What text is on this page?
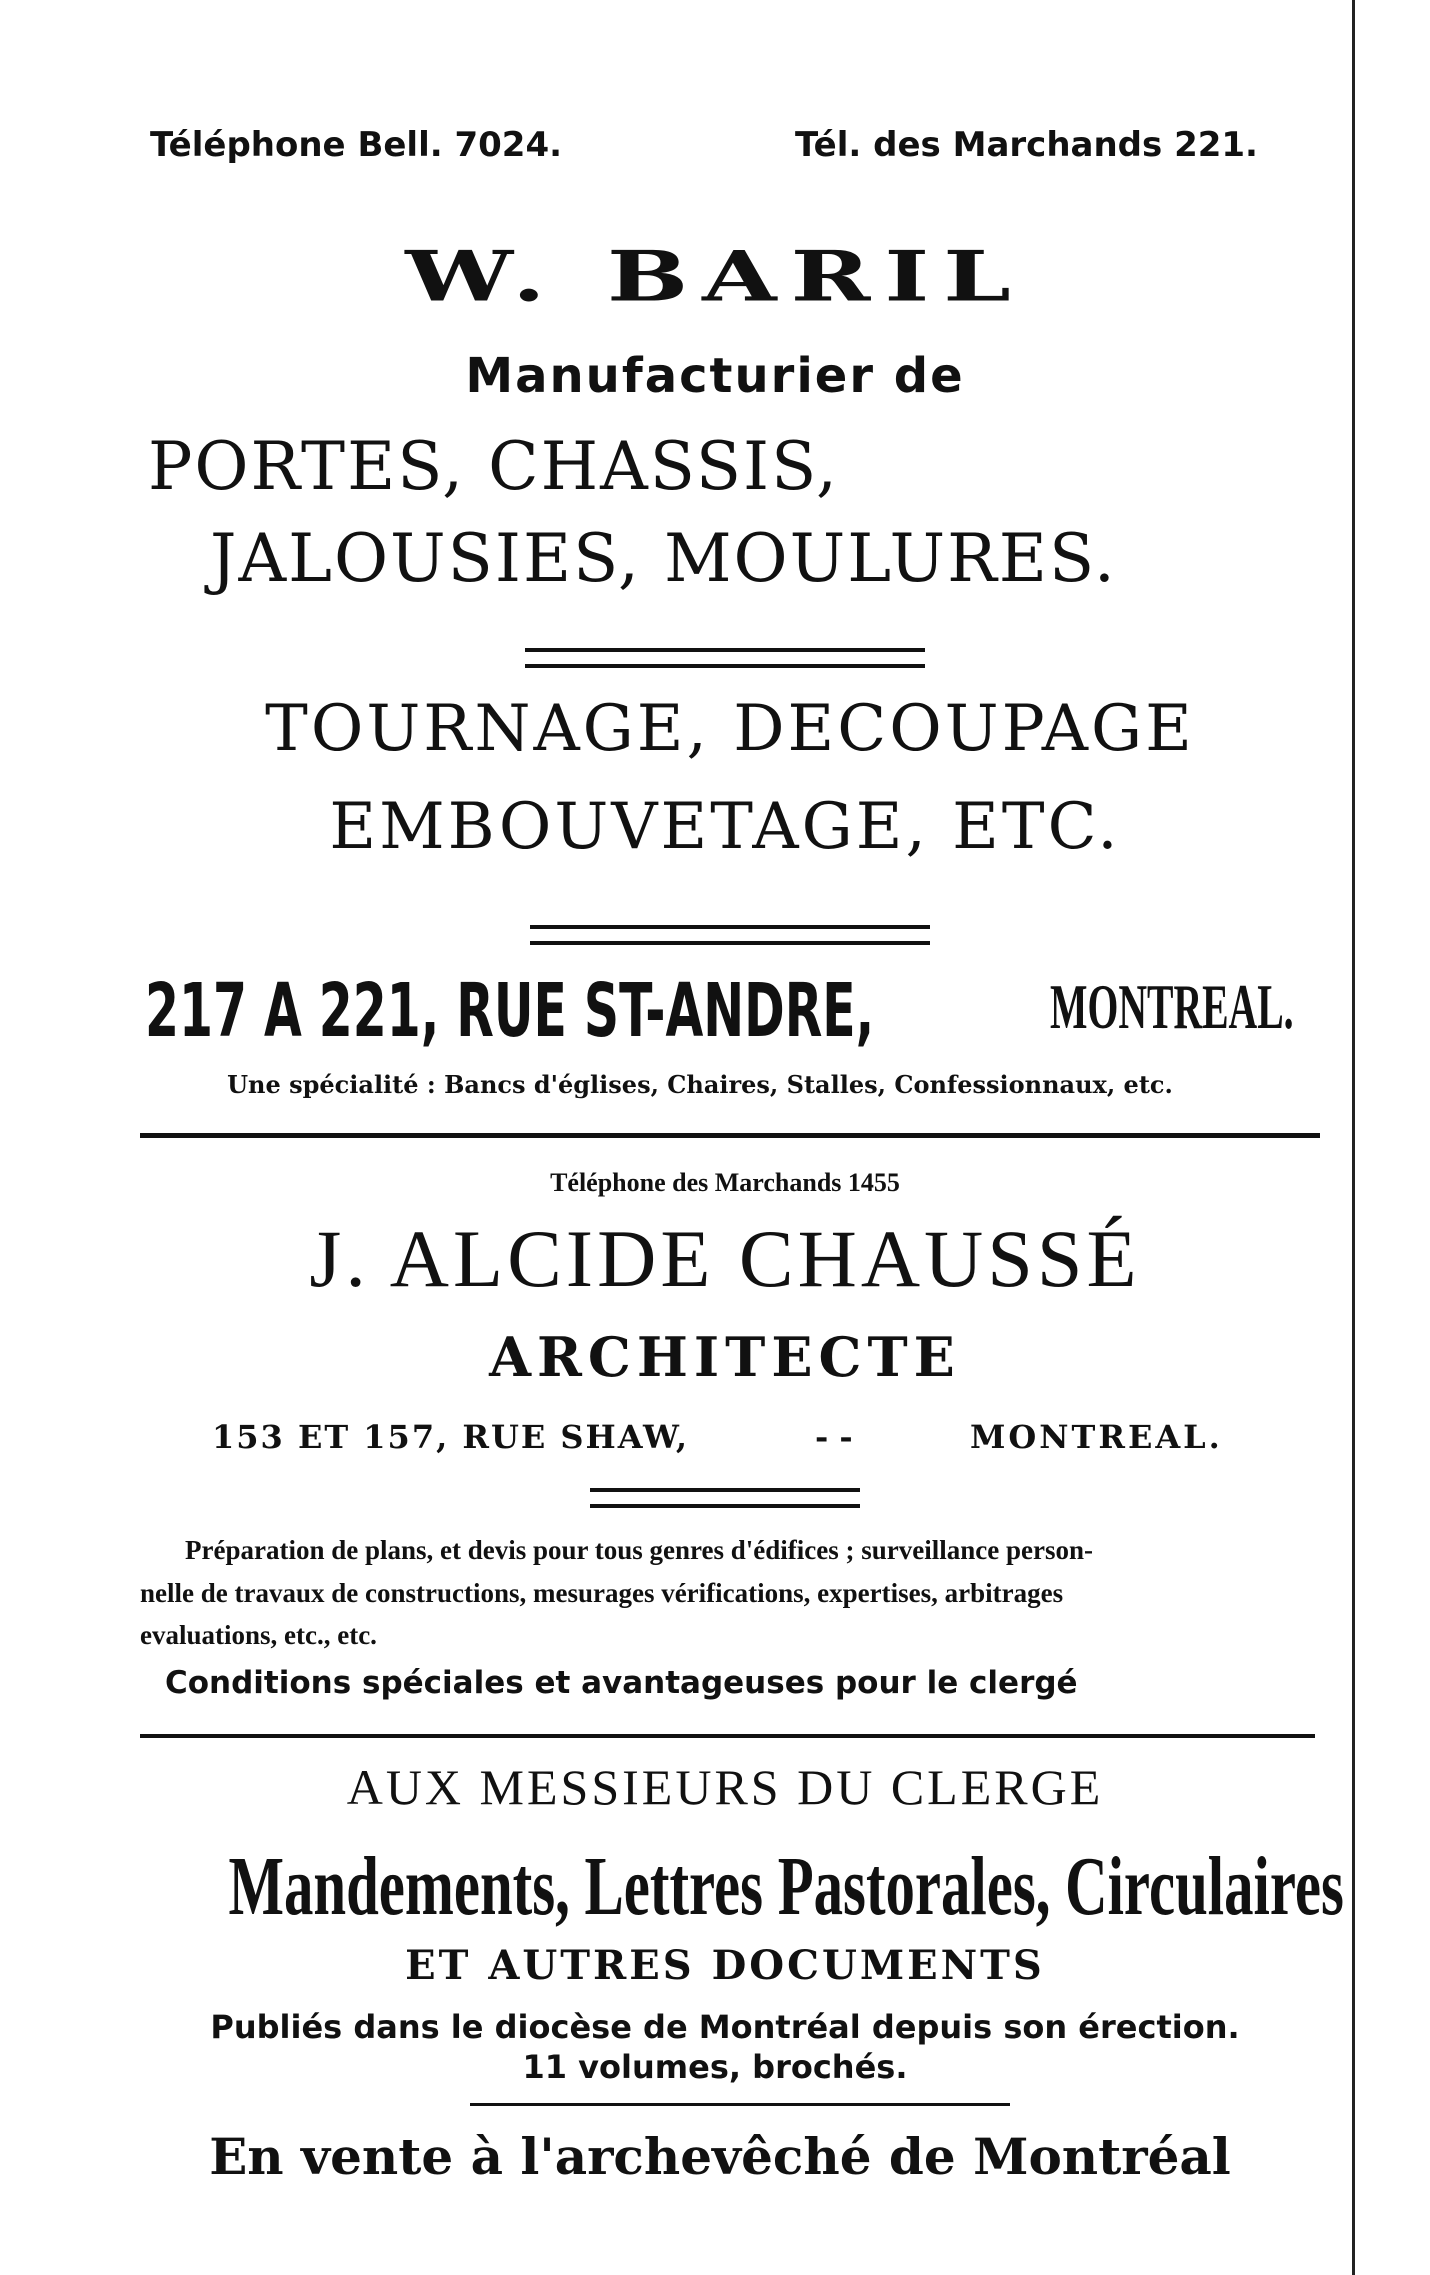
Téléphone Bell. 7024.	Tél. des Marchands 221.
W. BARIL
Manufacturier de
PORTES, CHASSIS,
JALOUSIES, MOULURES.
TOURNAGE, DECOUPAGE
EMBOUVETAGE, ETC.
217 A 221, RUE ST-ANDRE,	MONTREAL.
Une spécialité : Bancs d'églises, Chaires, Stalles, Confessionnaux, etc.
Téléphone des Marchands 1455
J. ALCIDE CHAUSSÉ
ARCHITECTE
153 ET 157, RUE SHAW,	- -	MONTREAL.
Préparation de plans, et devis pour tous genres d'édifices ; surveillance person-
nelle de travaux de constructions, mesurages vérifications, expertises, arbitrages
evaluations, etc., etc.
Conditions spéciales et avantageuses pour le clergé
AUX MESSIEURS DU CLERGE
Mandements, Lettres Pastorales, Circulaires
ET AUTRES DOCUMENTS
Publiés dans le diocèse de Montréal depuis son érection.
11 volumes, brochés.
En vente à l'archevêché de Montréal
